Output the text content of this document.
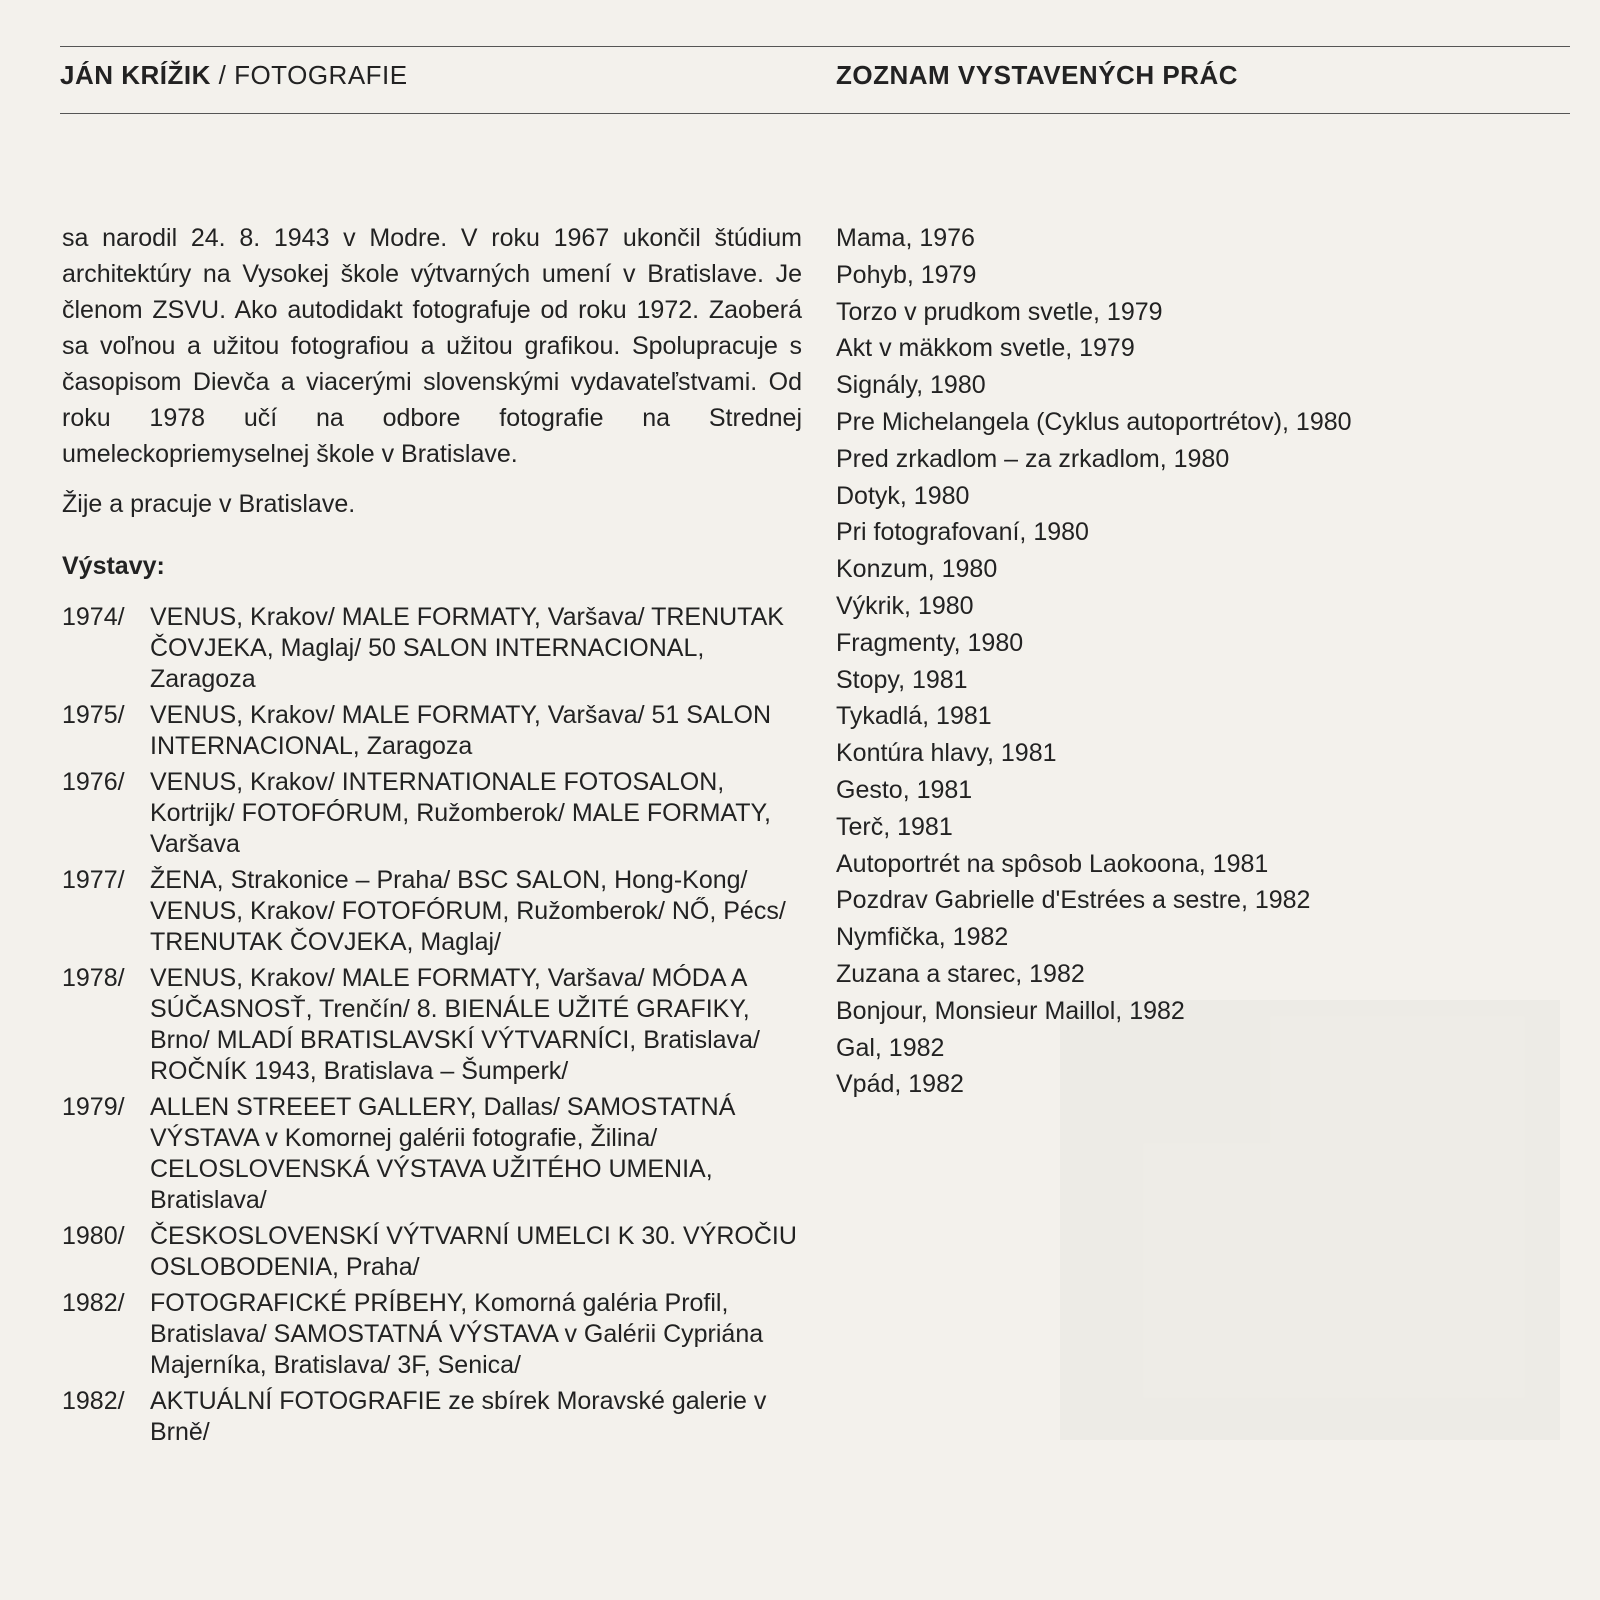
JÁN KRÍŽIK / FOTOGRAFIE	ZOZNAM VYSTAVENÝCH PRÁC

sa narodil 24. 8. 1943 v Modre. V roku 1967 ukončil štúdium architektúry na Vysokej škole výtvarných umení v Bratislave. Je členom ZSVU. Ako autodidakt fotografuje od roku 1972. Zaoberá sa voľnou a užitou fotografiou a užitou grafikou. Spolupracuje s časopisom Dievča a viacerými slovenskými vydavateľstvami. Od roku 1978 učí na odbore fotografie na Strednej umeleckopriemyselnej škole v Bratislave.

Žije a pracuje v Bratislave.

Výstavy:
1974/	VENUS, Krakov/ MALE FORMATY, Varšava/ TRENUTAK ČOVJEKA, Maglaj/ 50 SALON INTERNACIONAL, Zaragoza
1975/	VENUS, Krakov/ MALE FORMATY, Varšava/ 51 SALON INTERNACIONAL, Zaragoza
1976/	VENUS, Krakov/ INTERNATIONALE FOTOSALON, Kortrijk/ FOTOFÓRUM, Ružomberok/ MALE FORMATY, Varšava
1977/	ŽENA, Strakonice – Praha/ BSC SALON, Hong-Kong/ VENUS, Krakov/ FOTOFÓRUM, Ružomberok/ NŐ, Pécs/ TRENUTAK ČOVJEKA, Maglaj/
1978/	VENUS, Krakov/ MALE FORMATY, Varšava/ MÓDA A SÚČASNOSŤ, Trenčín/ 8. BIENÁLE UŽITÉ GRAFIKY, Brno/ MLADÍ BRATISLAVSKÍ VÝTVARNÍCI, Bratislava/ ROČNÍK 1943, Bratislava – Šumperk/
1979/	ALLEN STREEET GALLERY, Dallas/ SAMOSTATNÁ VÝSTAVA v Komornej galérii fotografie, Žilina/ CELOSLOVENSKÁ VÝSTAVA UŽITÉHO UMENIA, Bratislava/
1980/	ČESKOSLOVENSKÍ VÝTVARNÍ UMELCI K 30. VÝROČIU OSLOBODENIA, Praha/
1982/	FOTOGRAFICKÉ PRÍBEHY, Komorná galéria Profil, Bratislava/ SAMOSTATNÁ VÝSTAVA v Galérii Cypriána Majerníka, Bratislava/ 3F, Senica/
1982/	AKTUÁLNÍ FOTOGRAFIE ze sbírek Moravské galerie v Brně/
Mama, 1976
Pohyb, 1979
Torzo v prudkom svetle, 1979
Akt v mäkkom svetle, 1979
Signály, 1980
Pre Michelangela (Cyklus autoportrétov), 1980
Pred zrkadlom – za zrkadlom, 1980
Dotyk, 1980
Pri fotografovaní, 1980
Konzum, 1980
Výkrik, 1980
Fragmenty, 1980
Stopy, 1981
Tykadlá, 1981
Kontúra hlavy, 1981
Gesto, 1981
Terč, 1981
Autoportrét na spôsob Laokoona, 1981
Pozdrav Gabrielle d'Estrées a sestre, 1982
Nymfička, 1982
Zuzana a starec, 1982
Bonjour, Monsieur Maillol, 1982
Gal, 1982
Vpád, 1982
